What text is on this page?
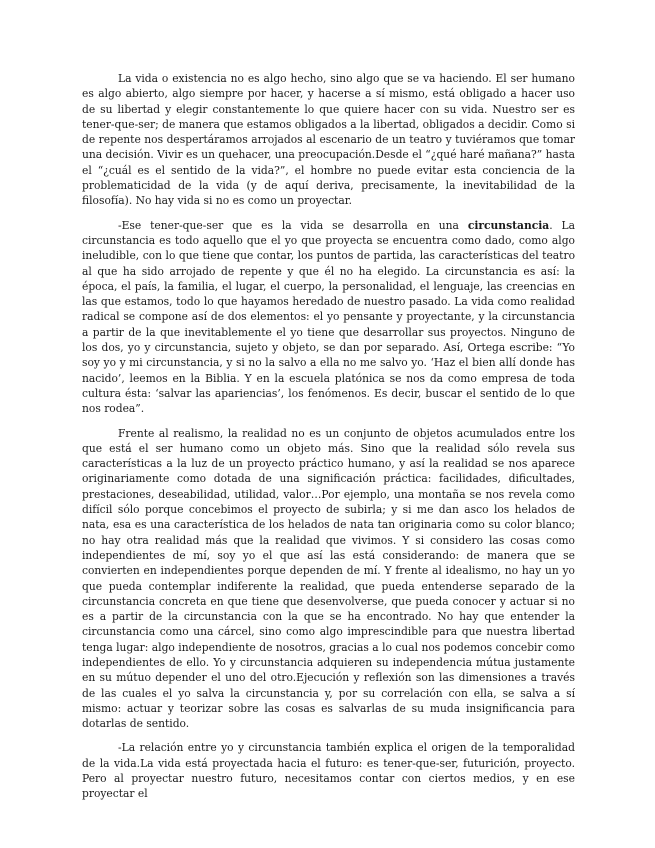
La vida o existencia no es algo hecho, sino algo que se va haciendo. El ser humano es algo abierto, algo siempre por hacer, y hacerse a sí mismo, está obligado a hacer uso de su libertad y elegir constantemente lo que quiere hacer con su vida. Nuestro ser es tener-que-ser; de manera que estamos obligados a la libertad, obligados a decidir. Como si de repente nos despertáramos arrojados al escenario de un teatro y tuviéramos que tomar una decisión. Vivir es un quehacer, una preocupación.Desde el “¿qué haré mañana?” hasta el “¿cuál es el sentido de la vida?”, el hombre no puede evitar esta conciencia de la problematicidad de la vida (y de aquí deriva, precisamente, la inevitabilidad de la filosofía). No hay vida si no es como un proyectar.

-Ese tener-que-ser que es la vida se desarrolla en una circunstancia. La circunstancia es todo aquello que el yo que proyecta se encuentra como dado, como algo ineludible, con lo que tiene que contar, los puntos de partida, las características del teatro al que ha sido arrojado de repente y que él no ha elegido. La circunstancia es así: la época, el país, la familia, el lugar, el cuerpo, la personalidad, el lenguaje, las creencias en las que estamos, todo lo que hayamos heredado de nuestro pasado. La vida como realidad radical se compone así de dos elementos: el yo pensante y proyectante, y la circunstancia a partir de la que inevitablemente el yo tiene que desarrollar sus proyectos. Ninguno de los dos, yo y circunstancia, sujeto y objeto, se dan por separado. Así, Ortega escribe: “Yo soy yo y mi circunstancia, y si no la salvo a ella no me salvo yo. ‘Haz el bien allí donde has nacido’, leemos en la Biblia. Y en la escuela platónica se nos da como empresa de toda cultura ésta: ‘salvar las apariencias’, los fenómenos. Es decir, buscar el sentido de lo que nos rodea”.

Frente al realismo, la realidad no es un conjunto de objetos acumulados entre los que está el ser humano como un objeto más. Sino que la realidad sólo revela sus características a la luz de un proyecto práctico humano, y así la realidad se nos aparece originariamente como dotada de una significación práctica: facilidades, dificultades, prestaciones, deseabilidad, utilidad, valor…Por ejemplo, una montaña se nos revela como difícil sólo porque concebimos el proyecto de subirla; y si me dan asco los helados de nata, esa es una característica de los helados de nata tan originaria como su color blanco; no hay otra realidad más que la realidad que vivimos. Y si considero las cosas como independientes de mí, soy yo el que así las está considerando: de manera que se convierten en independientes porque dependen de mí. Y frente al idealismo, no hay un yo que pueda contemplar indiferente la realidad, que pueda entenderse separado de la circunstancia concreta en que tiene que desenvolverse, que pueda conocer y actuar si no es a partir de la circunstancia con la que se ha encontrado. No hay que entender la circunstancia como una cárcel, sino como algo imprescindible para que nuestra libertad tenga lugar: algo independiente de nosotros, gracias a lo cual nos podemos concebir como independientes de ello. Yo y circunstancia adquieren su independencia mútua justamente en su mútuo depender el uno del otro.Ejecución y reflexión son las dimensiones a través de las cuales el yo salva la circunstancia y, por su correlación con ella, se salva a sí mismo: actuar y teorizar sobre las cosas es salvarlas de su muda insignificancia para dotarlas de sentido.

-La relación entre yo y circunstancia también explica el origen de la temporalidad de la vida.La vida está proyectada hacia el futuro: es tener-que-ser, futurición, proyecto. Pero al proyectar nuestro futuro, necesitamos contar con ciertos medios, y en ese proyectar el
